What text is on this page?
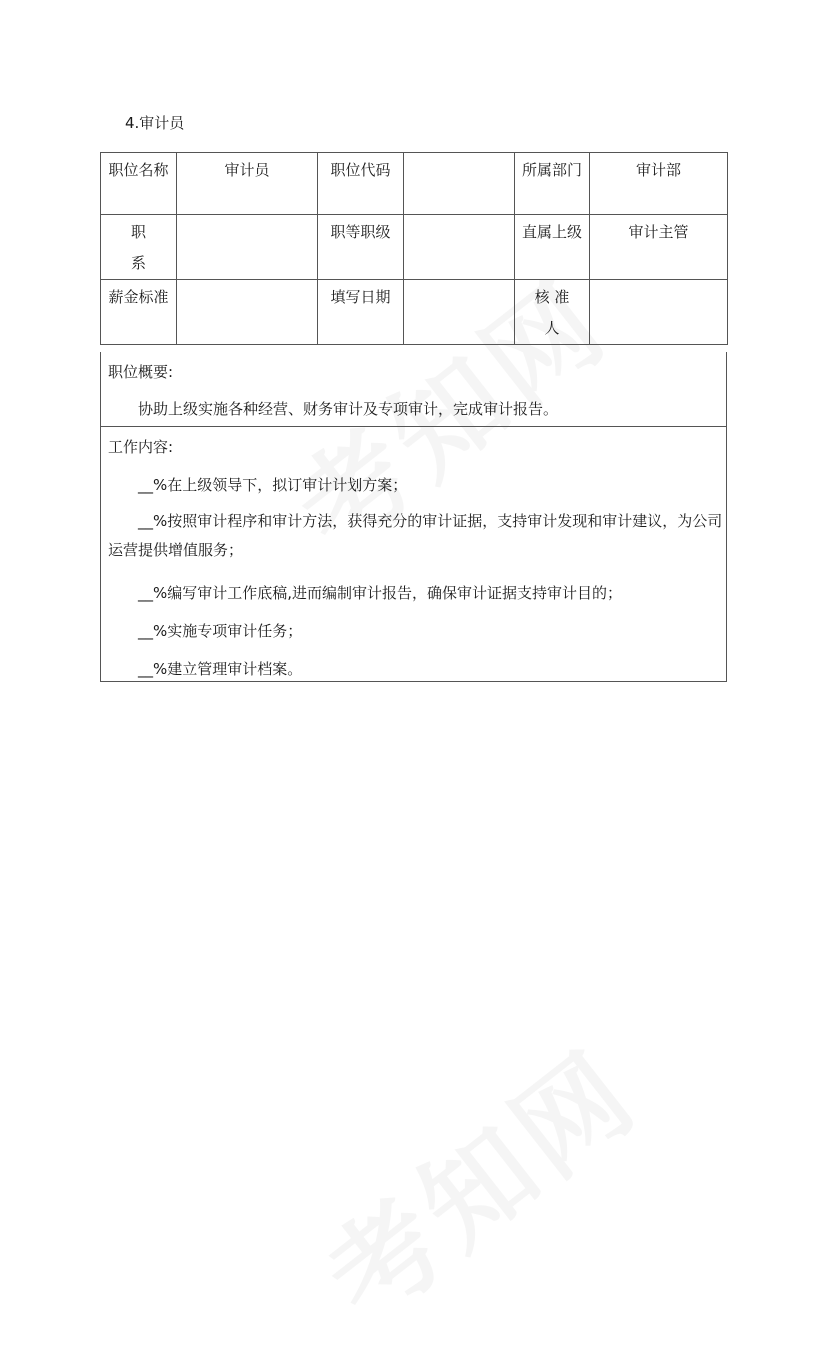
4.审计员
职位名称	审计员	职位代码		所属部门	审计部
职
系		职等职级		直属上级	审计主管
薪金标准		填写日期		核 准
人	
职位概要:
协助上级实施各种经营、财务审计及专项审计，完成审计报告。
工作内容:
__%在上级领导下，拟订审计计划方案；
__%按照审计程序和审计方法，获得充分的审计证据，支持审计发现和审计建议，为公司运营提供增值服务；
__%编写审计工作底稿,进而编制审计报告，确保审计证据支持审计目的；
__%实施专项审计任务；
__%建立管理审计档案。
